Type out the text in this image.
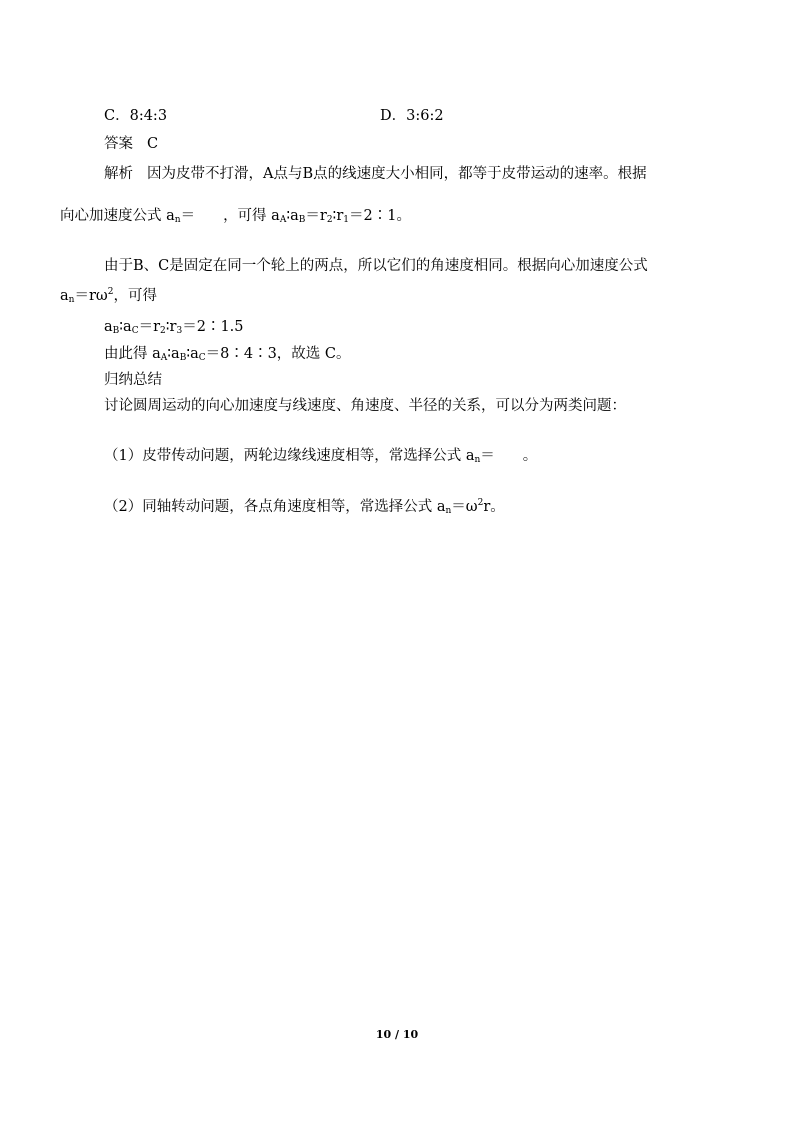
C．8:4:3	D．3:6:2
答案 C
解析 因为皮带不打滑，A点与B点的线速度大小相同，都等于皮带运动的速率。根据
向心加速度公式 $a_n=$ ，可得 $a_A∶a_B=r_2∶r_1=2∶1$。
由于B、C是固定在同一个轮上的两点，所以它们的角速度相同。根据向心加速度公式
$a_n=r\omega^2$，可得
$a_B∶a_C=r_2∶r_3=2∶1.5$
由此得 $a_A∶a_B∶a_C=8∶4∶3$，故选 C。
归纳总结
讨论圆周运动的向心加速度与线速度、角速度、半径的关系，可以分为两类问题：
（1）皮带传动问题，两轮边缘线速度相等，常选择公式 $a_n=$ 。
（2）同轴转动问题，各点角速度相等，常选择公式 $a_n=\omega^2r$。
10 / 10
